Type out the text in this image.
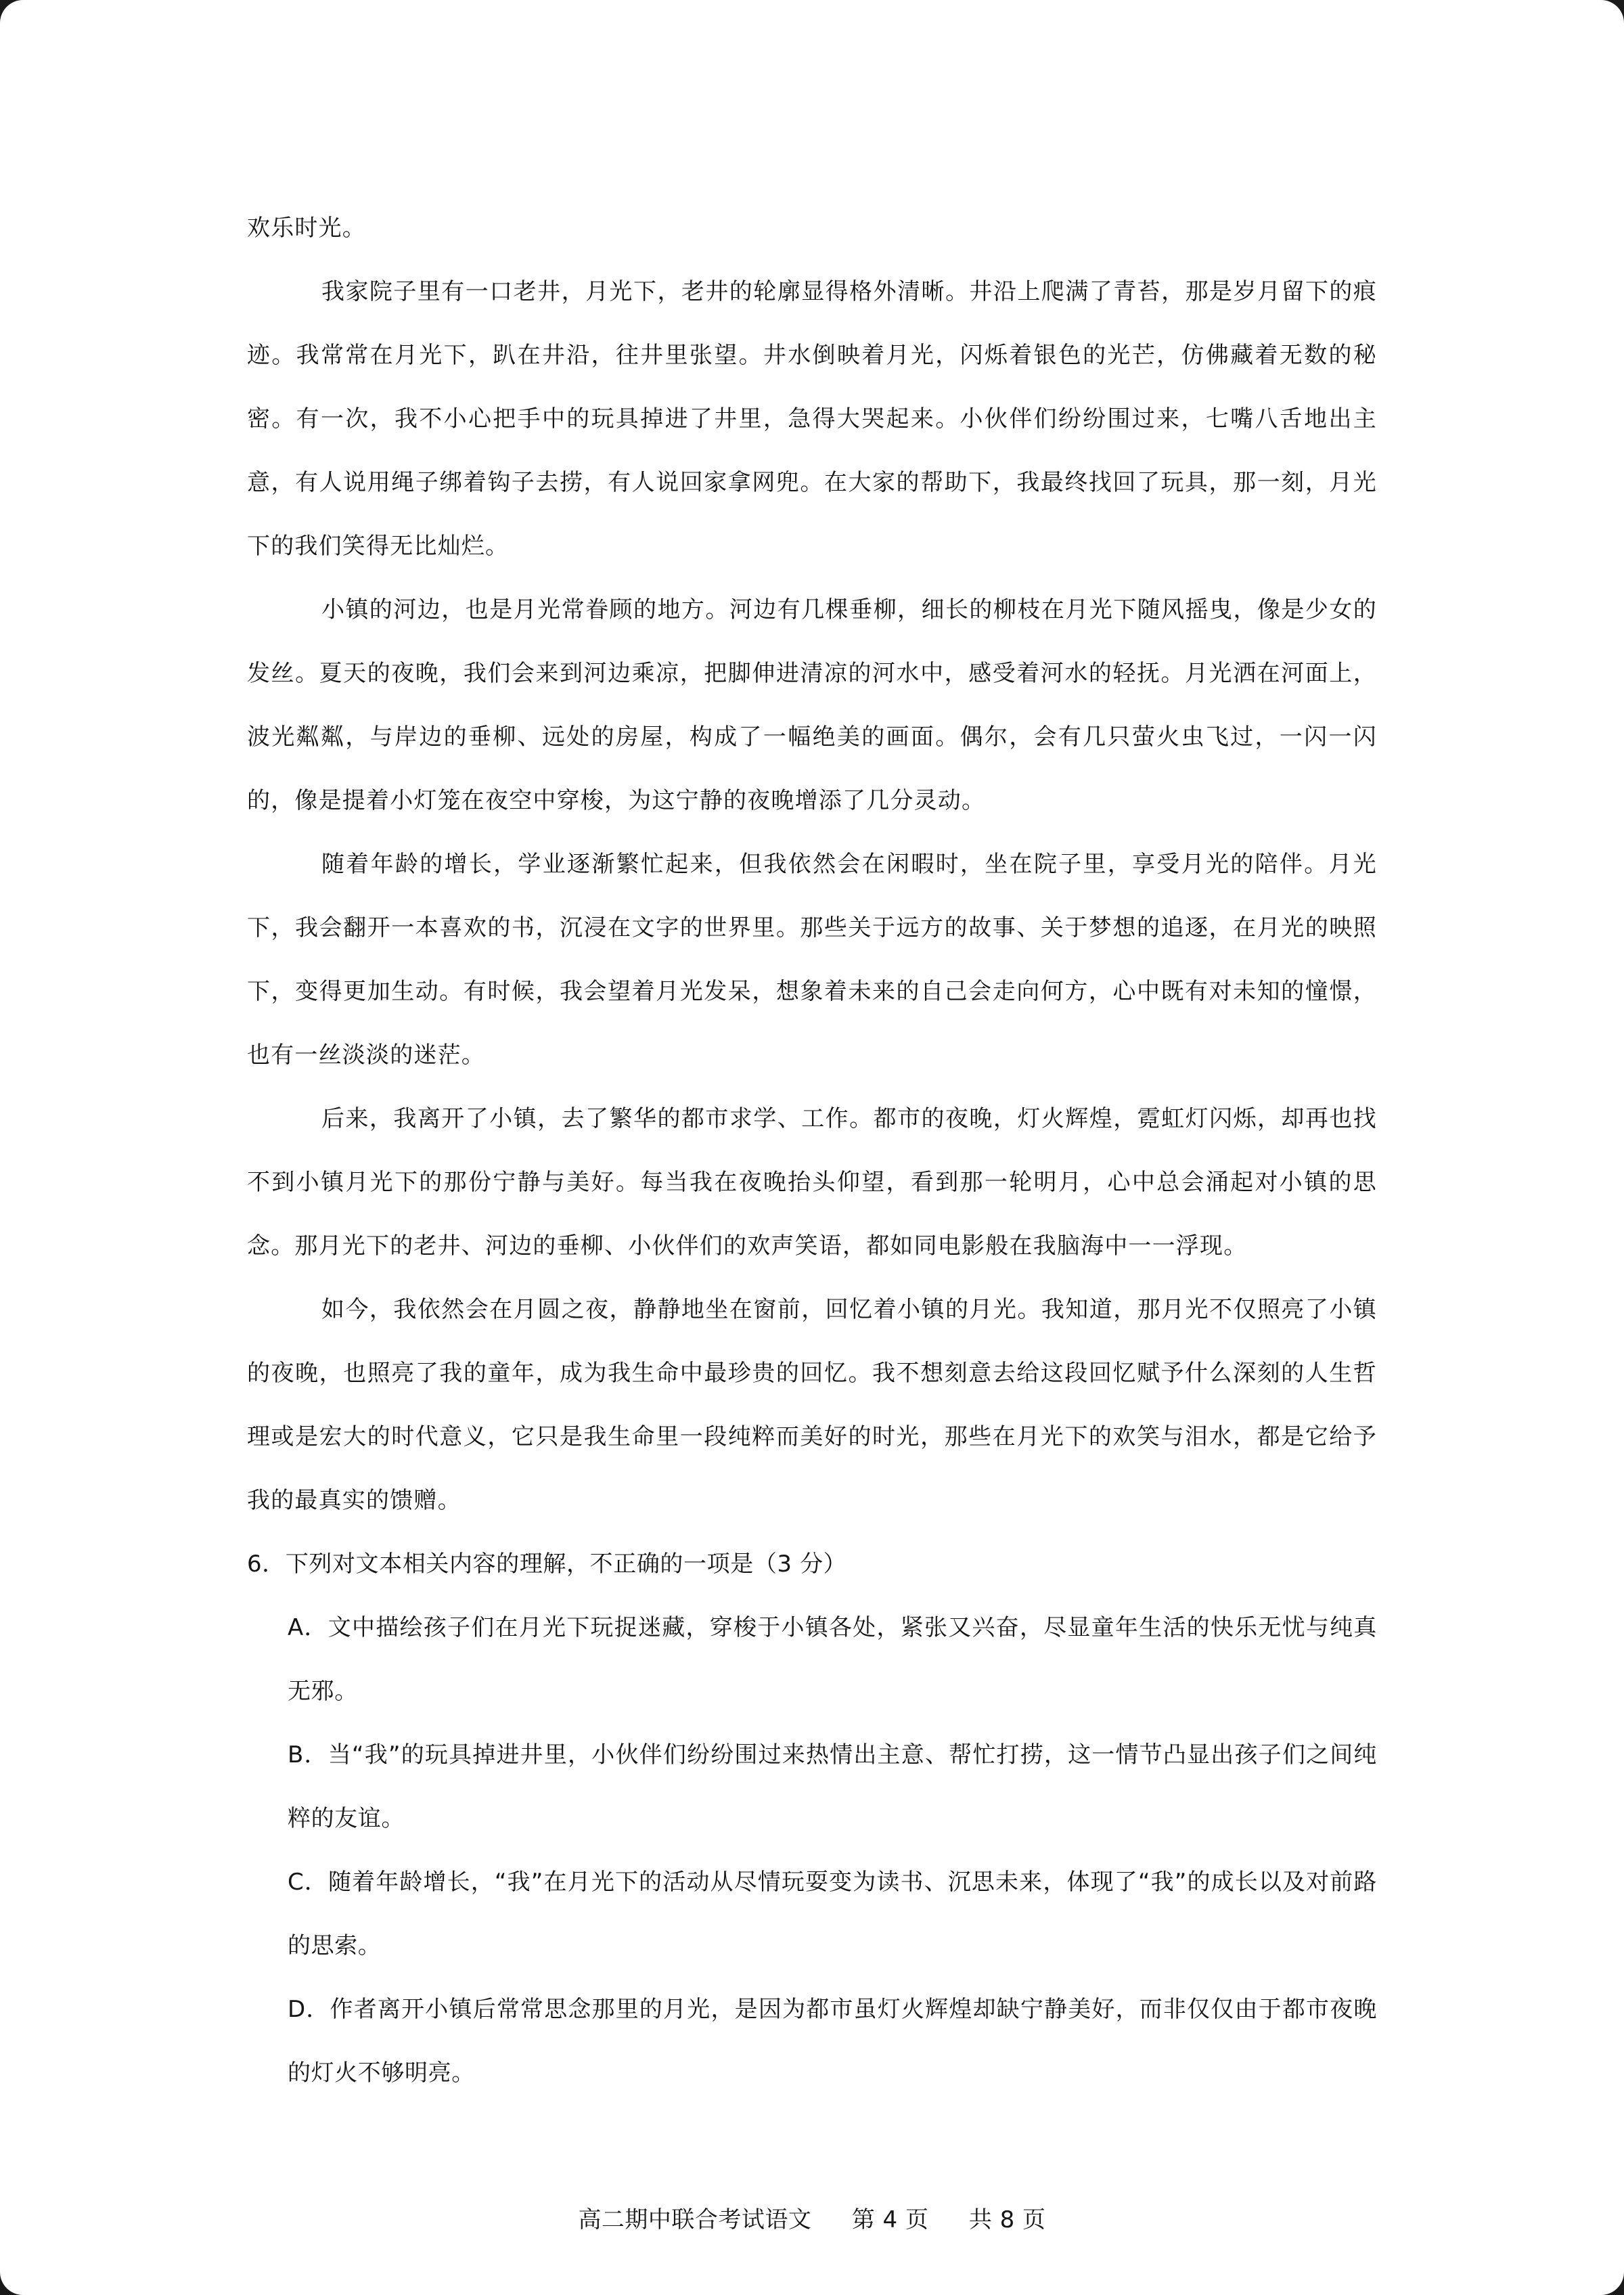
欢乐时光。

我家院子里有一口老井，月光下，老井的轮廓显得格外清晰。井沿上爬满了青苔，那是岁月留下的痕迹。我常常在月光下，趴在井沿，往井里张望。井水倒映着月光，闪烁着银色的光芒，仿佛藏着无数的秘密。有一次，我不小心把手中的玩具掉进了井里，急得大哭起来。小伙伴们纷纷围过来，七嘴八舌地出主意，有人说用绳子绑着钩子去捞，有人说回家拿网兜。在大家的帮助下，我最终找回了玩具，那一刻，月光下的我们笑得无比灿烂。

小镇的河边，也是月光常眷顾的地方。河边有几棵垂柳，细长的柳枝在月光下随风摇曳，像是少女的发丝。夏天的夜晚，我们会来到河边乘凉，把脚伸进清凉的河水中，感受着河水的轻抚。月光洒在河面上，波光粼粼，与岸边的垂柳、远处的房屋，构成了一幅绝美的画面。偶尔，会有几只萤火虫飞过，一闪一闪的，像是提着小灯笼在夜空中穿梭，为这宁静的夜晚增添了几分灵动。

随着年龄的增长，学业逐渐繁忙起来，但我依然会在闲暇时，坐在院子里，享受月光的陪伴。月光下，我会翻开一本喜欢的书，沉浸在文字的世界里。那些关于远方的故事、关于梦想的追逐，在月光的映照下，变得更加生动。有时候，我会望着月光发呆，想象着未来的自己会走向何方，心中既有对未知的憧憬，也有一丝淡淡的迷茫。

后来，我离开了小镇，去了繁华的都市求学、工作。都市的夜晚，灯火辉煌，霓虹灯闪烁，却再也找不到小镇月光下的那份宁静与美好。每当我在夜晚抬头仰望，看到那一轮明月，心中总会涌起对小镇的思念。那月光下的老井、河边的垂柳、小伙伴们的欢声笑语，都如同电影般在我脑海中一一浮现。

如今，我依然会在月圆之夜，静静地坐在窗前，回忆着小镇的月光。我知道，那月光不仅照亮了小镇的夜晚，也照亮了我的童年，成为我生命中最珍贵的回忆。我不想刻意去给这段回忆赋予什么深刻的人生哲理或是宏大的时代意义，它只是我生命里一段纯粹而美好的时光，那些在月光下的欢笑与泪水，都是它给予我的最真实的馈赠。

6．下列对文本相关内容的理解，不正确的一项是（3 分）

A．文中描绘孩子们在月光下玩捉迷藏，穿梭于小镇各处，紧张又兴奋，尽显童年生活的快乐无忧与纯真无邪。

B．当“我”的玩具掉进井里，小伙伴们纷纷围过来热情出主意、帮忙打捞，这一情节凸显出孩子们之间纯粹的友谊。

C．随着年龄增长，“我”在月光下的活动从尽情玩耍变为读书、沉思未来，体现了“我”的成长以及对前路的思索。

D．作者离开小镇后常常思念那里的月光，是因为都市虽灯火辉煌却缺宁静美好，而非仅仅由于都市夜晚的灯火不够明亮。

高二期中联合考试语文 第 4 页 共 8 页
